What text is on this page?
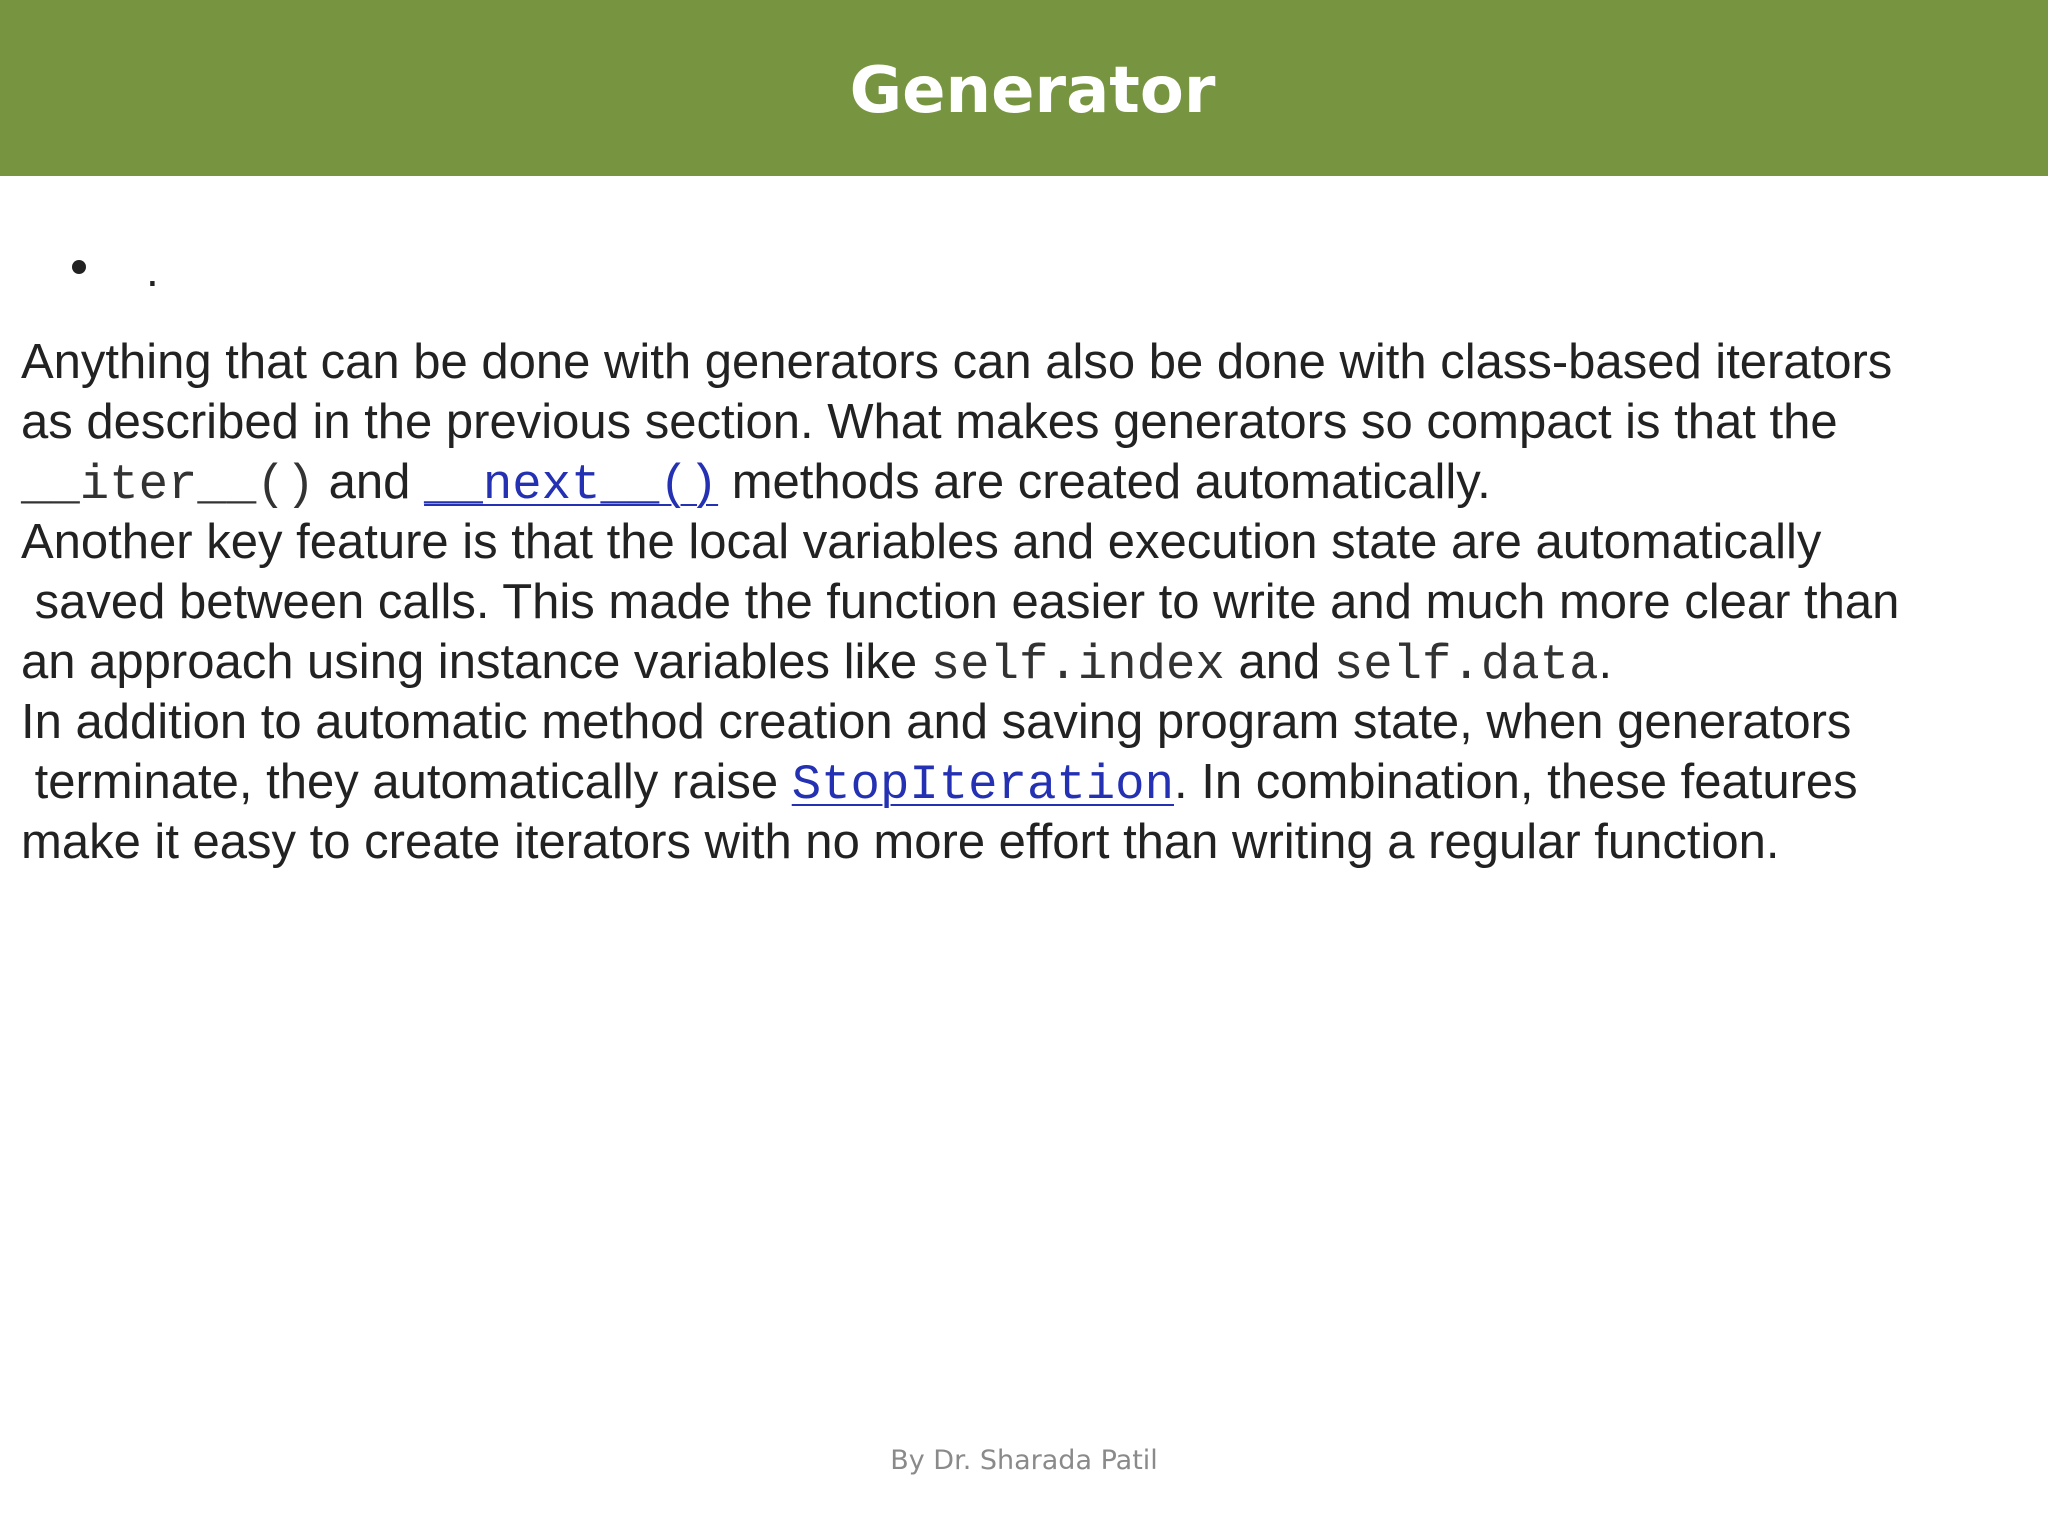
Generator
.
Anything that can be done with generators can also be done with class-based iterators
as described in the previous section. What makes generators so compact is that the
__iter__() and __next__() methods are created automatically.
Another key feature is that the local variables and execution state are automatically
saved between calls. This made the function easier to write and much more clear than
an approach using instance variables like self.index and self.data.
In addition to automatic method creation and saving program state, when generators
terminate, they automatically raise StopIteration. In combination, these features
make it easy to create iterators with no more effort than writing a regular function.
By Dr. Sharada Patil
